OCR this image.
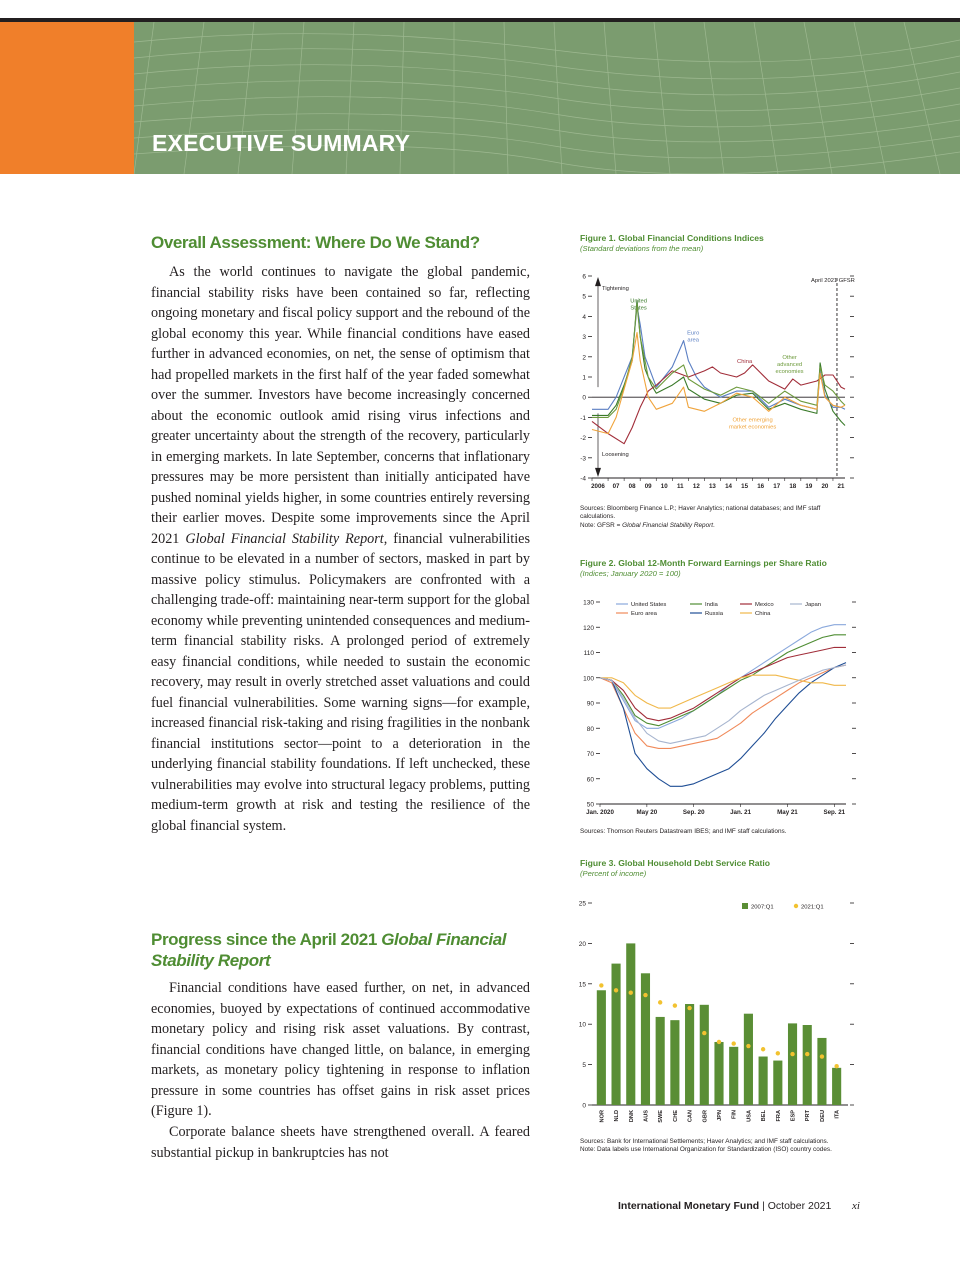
EXECUTIVE SUMMARY
Overall Assessment: Where Do We Stand?
As the world continues to navigate the global pandemic, financial stability risks have been contained so far, reflecting ongoing monetary and fiscal policy support and the rebound of the global economy this year. While financial conditions have eased further in advanced economies, on net, the sense of optimism that had propelled markets in the first half of the year faded somewhat over the summer. Investors have become increasingly concerned about the economic outlook amid rising virus infections and greater uncertainty about the strength of the recovery, particularly in emerging markets. In late September, concerns that inflationary pressures may be more persistent than initially anticipated have pushed nominal yields higher, in some countries entirely reversing their earlier moves. Despite some improvements since the April 2021 Global Financial Stability Report, financial vulnerabilities continue to be elevated in a number of sectors, masked in part by massive policy stimulus. Policymakers are confronted with a challenging trade-off: maintaining near-term support for the global economy while preventing unintended consequences and medium-term financial stability risks. A prolonged period of extremely easy financial conditions, while needed to sustain the economic recovery, may result in overly stretched asset valuations and could fuel financial vulnerabilities. Some warning signs—for example, increased financial risk-taking and rising fragilities in the nonbank financial institutions sector—point to a deterioration in the underlying financial stability foundations. If left unchecked, these vulnerabilities may evolve into structural legacy problems, putting medium-term growth at risk and testing the resilience of the global financial system.
Progress since the April 2021 Global Financial Stability Report
Financial conditions have eased further, on net, in advanced economies, buoyed by expectations of continued accommodative monetary policy and rising risk asset valuations. By contrast, financial conditions have changed little, on balance, in emerging markets, as monetary policy tightening in response to inflation pressure in some countries has offset gains in risk asset prices (Figure 1).
Corporate balance sheets have strengthened overall. A feared substantial pickup in bankruptcies has not
Figure 1. Global Financial Conditions Indices
(Standard deviations from the mean)
-4
-3
-2
-1
0
1
2
3
4
5
6
2006 07 08 09 10 11 12 13 14 15 16 17 18 19 20 21
April 2021 GFSR
Tightening
Loosening
United
States
Euro
area
China
Other
advanced
economies
Other emerging
market economies
Sources: Bloomberg Finance L.P.; Haver Analytics; national databases; and IMF staff calculations.
Note: GFSR = Global Financial Stability Report.
Figure 2. Global 12-Month Forward Earnings per Share Ratio
(Indices; January 2020 = 100)
50
60
70
80
90
100
110
120
130
Jan. 2020	May 20	Sep. 20	Jan. 21	May 21	Sep. 21
United States
Euro area
India
Russia
Mexico
China
Japan
Sources: Thomson Reuters Datastream IBES; and IMF staff calculations.
Figure 3. Global Household Debt Service Ratio
(Percent of income)
0
5
10
15
20
25
NOR NLD DNK AUS SWE CHE CAN GBR JPN FIN USA BEL FRA ESP PRT DEU ITA
2007:Q1	2021:Q1
Sources: Bank for International Settlements; Haver Analytics; and IMF staff calculations.
Note: Data labels use International Organization for Standardization (ISO) country codes.
International Monetary Fund | October 2021 xi
